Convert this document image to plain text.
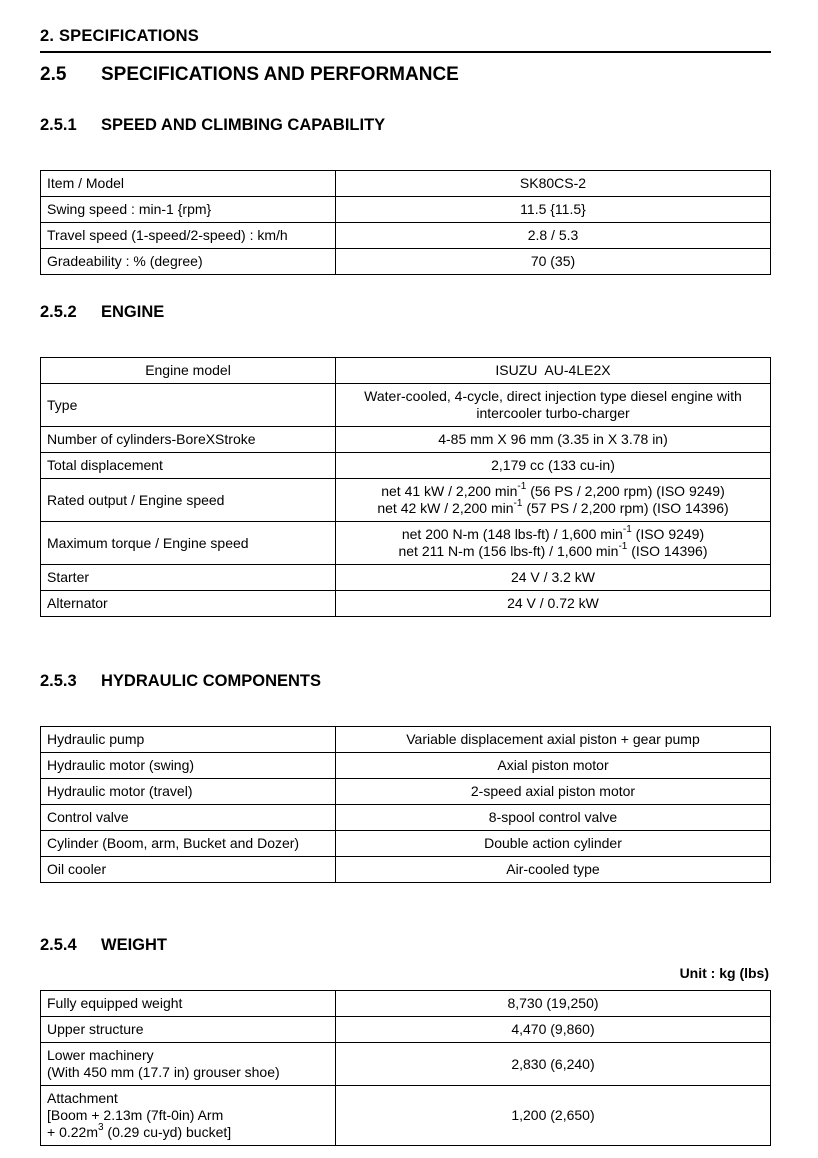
2. SPECIFICATIONS
2.5 SPECIFICATIONS AND PERFORMANCE
2.5.1 SPEED AND CLIMBING CAPABILITY
Item / Model	SK80CS-2
Swing speed : min-1 {rpm}	11.5 {11.5}
Travel speed (1-speed/2-speed) : km/h	2.8 / 5.3
Gradeability : % (degree)	70 (35)
2.5.2 ENGINE
Engine model	ISUZU  AU-4LE2X
Type	Water-cooled, 4-cycle, direct injection type diesel engine with
intercooler turbo-charger

Number of cylinders-BoreXStroke	4-85 mm X 96 mm (3.35 in X 3.78 in)
Total displacement	2,179 cc (133 cu-in)
Rated output / Engine speed	net 41 kW / 2,200 $\min^{-1} (56$ PS / 2,200 rpm) (ISO 9249)
net 42 kW / 2,200 $\min^{-1} (57$ PS / 2,200 rpm) (ISO 14396)

Maximum torque / Engine speed	net 200 N-m (148 lbs-ft) / 1,600 $\min^{-1} (ISO$ 9249)
net 211 N-m (156 lbs-ft) / 1,600 $\min^{-1} (ISO$ 14396)

Starter	24 V / 3.2 kW
Alternator	24 V / 0.72 kW
2.5.3 HYDRAULIC COMPONENTS
Hydraulic pump	Variable displacement axial piston + gear pump
Hydraulic motor (swing)	Axial piston motor
Hydraulic motor (travel)	2-speed axial piston motor
Control valve	8-spool control valve
Cylinder (Boom, arm, Bucket and Dozer)	Double action cylinder
Oil cooler	Air-cooled type
2.5.4 WEIGHT
Unit : kg (lbs)
Fully equipped weight	8,730 (19,250)
Upper structure	4,470 (9,860)

Lower machinery
(With 450 mm (17.7 in) grouser shoe)	2,830 (6,240)

Attachment
[Boom + 2.13m (7ft-0in) Arm
+ $0.22m^3$ (0.29 cu-yd) bucket]	1,200 (2,650)
